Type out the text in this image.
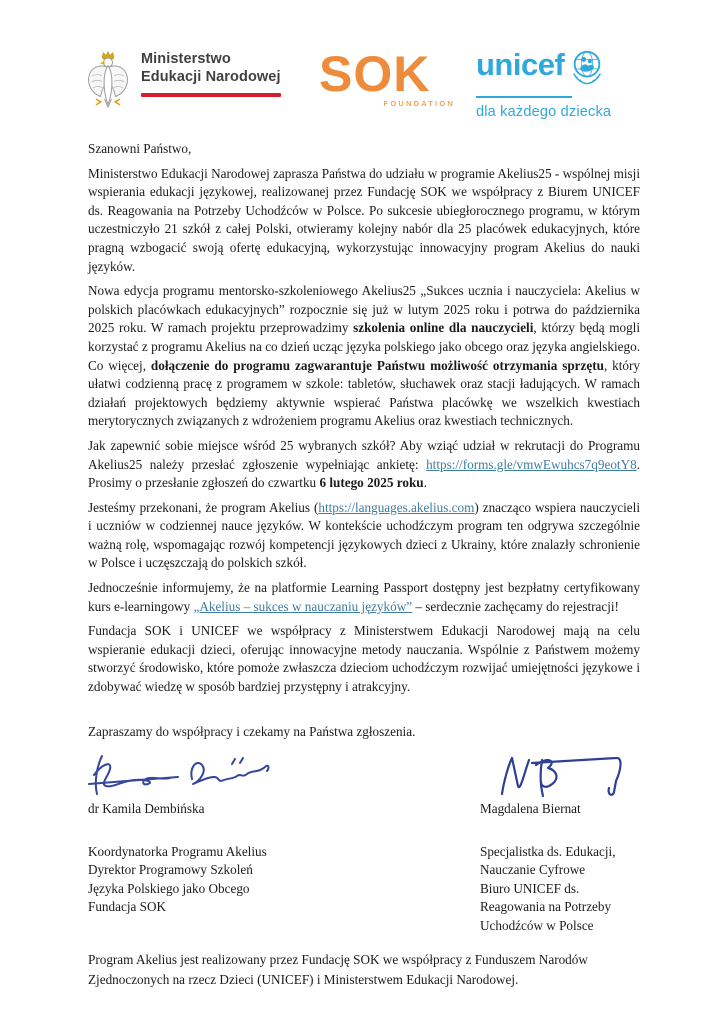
Ministerstwo
Edukacji Narodowej SOK
FOUNDATION
unicef
dla każdego dziecka

Szanowni Państwo,

Ministerstwo Edukacji Narodowej zaprasza Państwa do udziału w programie Akelius25 - wspólnej misji wspierania edukacji językowej, realizowanej przez Fundację SOK we współpracy z Biurem UNICEF ds. Reagowania na Potrzeby Uchodźców w Polsce. Po sukcesie ubiegłorocznego programu, w którym uczestniczyło 21 szkół z całej Polski, otwieramy kolejny nabór dla 25 placówek edukacyjnych, które pragną wzbogacić swoją ofertę edukacyjną, wykorzystując innowacyjny program Akelius do nauki języków.

Nowa edycja programu mentorsko-szkoleniowego Akelius25 „Sukces ucznia i nauczyciela: Akelius w polskich placówkach edukacyjnych” rozpocznie się już w lutym 2025 roku i potrwa do października 2025 roku. W ramach projektu przeprowadzimy szkolenia online dla nauczycieli, którzy będą mogli korzystać z programu Akelius na co dzień ucząc języka polskiego jako obcego oraz języka angielskiego. Co więcej, dołączenie do programu zagwarantuje Państwu możliwość otrzymania sprzętu, który ułatwi codzienną pracę z programem w szkole: tabletów, słuchawek oraz stacji ładujących. W ramach działań projektowych będziemy aktywnie wspierać Państwa placówkę we wszelkich kwestiach merytorycznych związanych z wdrożeniem programu Akelius oraz kwestiach technicznych.

Jak zapewnić sobie miejsce wśród 25 wybranych szkół? Aby wziąć udział w rekrutacji do Programu Akelius25 należy przesłać zgłoszenie wypełniając ankietę: https://forms.gle/vmwEwuhcs7q9eotY8. Prosimy o przesłanie zgłoszeń do czwartku 6 lutego 2025 roku.

Jesteśmy przekonani, że program Akelius (https://languages.akelius.com) znacząco wspiera nauczycieli i uczniów w codziennej nauce języków. W kontekście uchodźczym program ten odgrywa szczególnie ważną rolę, wspomagając rozwój kompetencji językowych dzieci z Ukrainy, które znalazły schronienie w Polsce i uczęszczają do polskich szkół.

Jednocześnie informujemy, że na platformie Learning Passport dostępny jest bezpłatny certyfikowany kurs e-learningowy „Akelius – sukces w nauczaniu języków” – serdecznie zachęcamy do rejestracji!

Fundacja SOK i UNICEF we współpracy z Ministerstwem Edukacji Narodowej mają na celu wspieranie edukacji dzieci, oferując innowacyjne metody nauczania. Wspólnie z Państwem możemy stworzyć środowisko, które pomoże zwłaszcza dzieciom uchodźczym rozwijać umiejętności językowe i zdobywać wiedzę w sposób bardziej przystępny i atrakcyjny.

Zapraszamy do współpracy i czekamy na Państwa zgłoszenia.

dr Kamila Dembińska
Koordynatorka Programu Akelius
Dyrektor Programowy Szkoleń
Języka Polskiego jako Obcego
Fundacja SOK
Magdalena Biernat
Specjalistka ds. Edukacji,
Nauczanie Cyfrowe
Biuro UNICEF ds.
Reagowania na Potrzeby
Uchodźców w Polsce
Program Akelius jest realizowany przez Fundację SOK we współpracy z Funduszem Narodów Zjednoczonych na rzecz Dzieci (UNICEF) i Ministerstwem Edukacji Narodowej.
